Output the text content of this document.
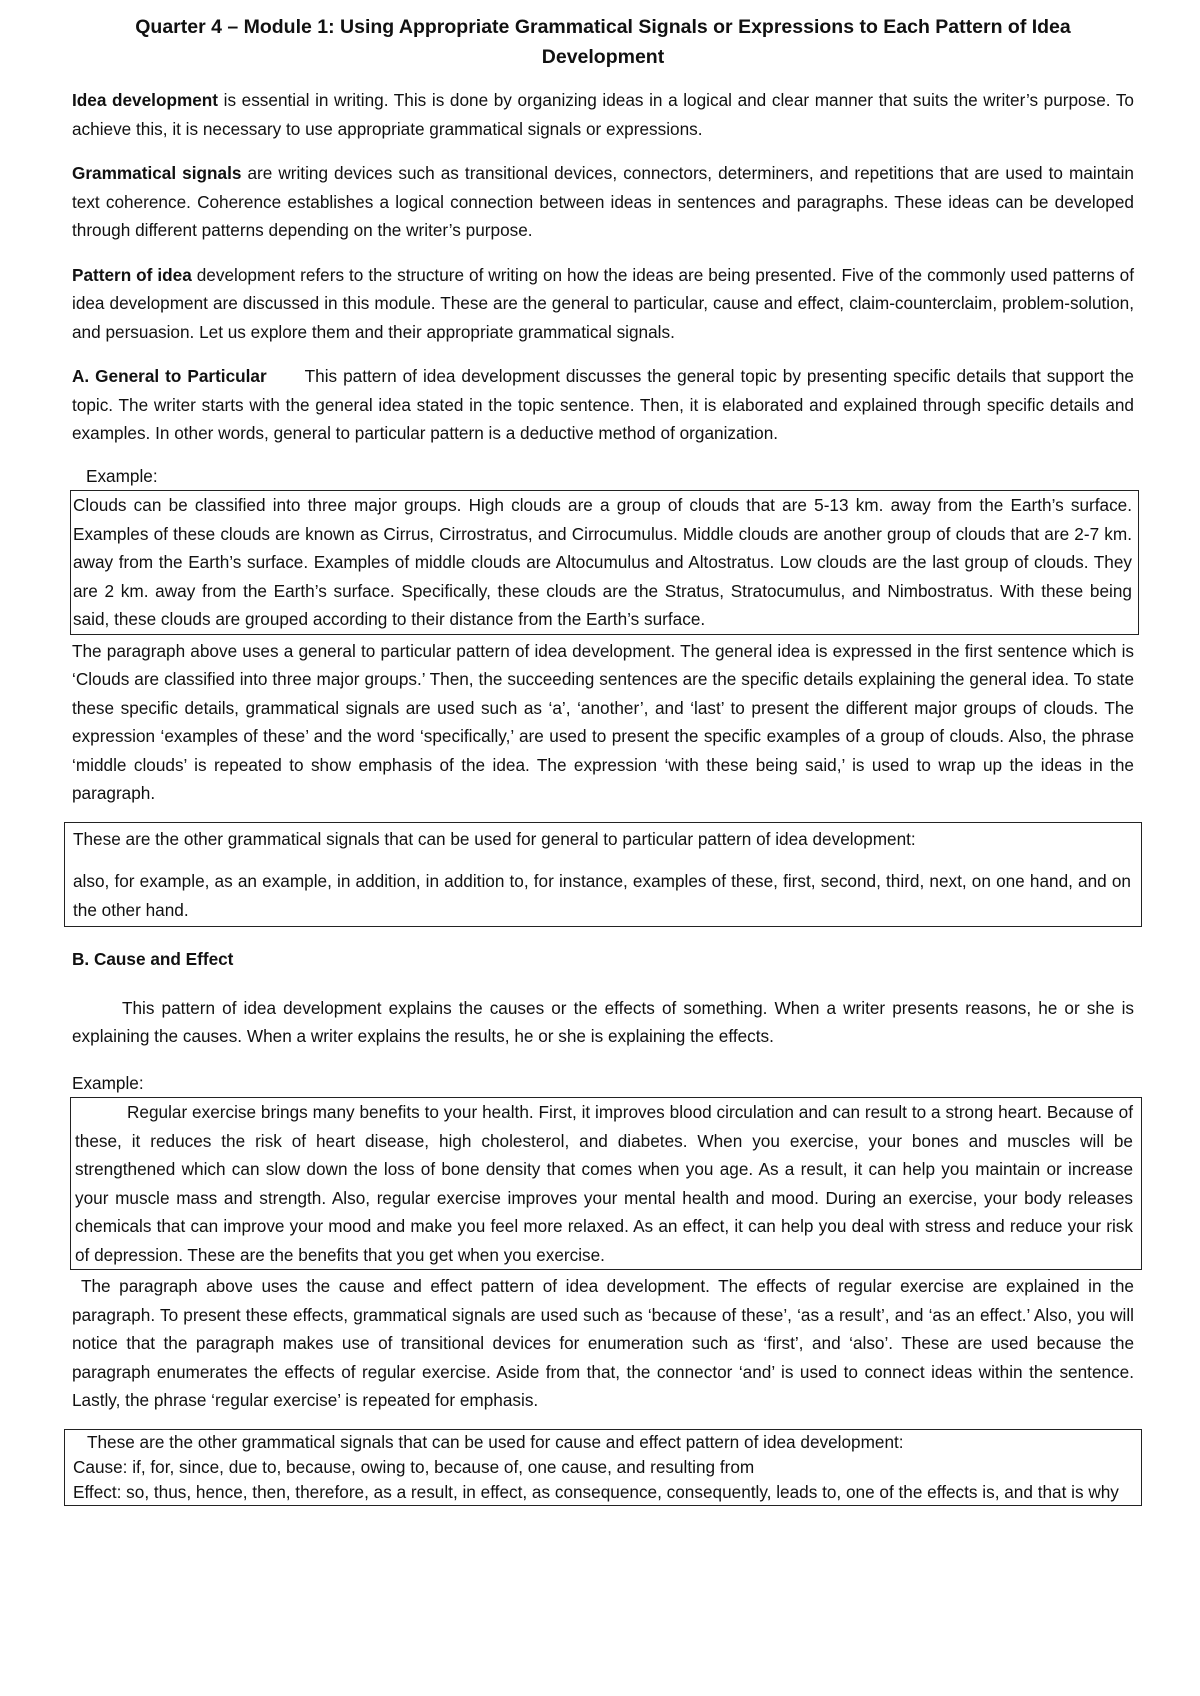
Quarter 4 – Module 1: Using Appropriate Grammatical Signals or Expressions to Each Pattern of Idea Development

Idea development is essential in writing. This is done by organizing ideas in a logical and clear manner that suits the writer’s purpose. To achieve this, it is necessary to use appropriate grammatical signals or expressions.

Grammatical signals are writing devices such as transitional devices, connectors, determiners, and repetitions that are used to maintain text coherence. Coherence establishes a logical connection between ideas in sentences and paragraphs. These ideas can be developed through different patterns depending on the writer’s purpose.

Pattern of idea development refers to the structure of writing on how the ideas are being presented. Five of the commonly used patterns of idea development are discussed in this module. These are the general to particular, cause and effect, claim-counterclaim, problem-solution, and persuasion. Let us explore them and their appropriate grammatical signals.

A. General to Particular This pattern of idea development discusses the general topic by presenting specific details that support the topic. The writer starts with the general idea stated in the topic sentence. Then, it is elaborated and explained through specific details and examples. In other words, general to particular pattern is a deductive method of organization.

Example:

Clouds can be classified into three major groups. High clouds are a group of clouds that are 5-13 km. away from the Earth’s surface. Examples of these clouds are known as Cirrus, Cirrostratus, and Cirrocumulus. Middle clouds are another group of clouds that are 2-7 km. away from the Earth’s surface. Examples of middle clouds are Altocumulus and Altostratus. Low clouds are the last group of clouds. They are 2 km. away from the Earth’s surface. Specifically, these clouds are the Stratus, Stratocumulus, and Nimbostratus. With these being said, these clouds are grouped according to their distance from the Earth’s surface.

The paragraph above uses a general to particular pattern of idea development. The general idea is expressed in the first sentence which is ‘Clouds are classified into three major groups.’ Then, the succeeding sentences are the specific details explaining the general idea. To state these specific details, grammatical signals are used such as ‘a’, ‘another’, and ‘last’ to present the different major groups of clouds. The expression ‘examples of these’ and the word ‘specifically,’ are used to present the specific examples of a group of clouds. Also, the phrase ‘middle clouds’ is repeated to show emphasis of the idea. The expression ‘with these being said,’ is used to wrap up the ideas in the paragraph.

These are the other grammatical signals that can be used for general to particular pattern of idea development:

also, for example, as an example, in addition, in addition to, for instance, examples of these, first, second, third, next, on one hand, and on the other hand.

B. Cause and Effect

This pattern of idea development explains the causes or the effects of something. When a writer presents reasons, he or she is explaining the causes. When a writer explains the results, he or she is explaining the effects.

Example:

Regular exercise brings many benefits to your health. First, it improves blood circulation and can result to a strong heart. Because of these, it reduces the risk of heart disease, high cholesterol, and diabetes. When you exercise, your bones and muscles will be strengthened which can slow down the loss of bone density that comes when you age. As a result, it can help you maintain or increase your muscle mass and strength. Also, regular exercise improves your mental health and mood. During an exercise, your body releases chemicals that can improve your mood and make you feel more relaxed. As an effect, it can help you deal with stress and reduce your risk of depression. These are the benefits that you get when you exercise.

The paragraph above uses the cause and effect pattern of idea development. The effects of regular exercise are explained in the paragraph. To present these effects, grammatical signals are used such as ‘because of these’, ‘as a result’, and ‘as an effect.’ Also, you will notice that the paragraph makes use of transitional devices for enumeration such as ‘first’, and ‘also’. These are used because the paragraph enumerates the effects of regular exercise. Aside from that, the connector ‘and’ is used to connect ideas within the sentence. Lastly, the phrase ‘regular exercise’ is repeated for emphasis.

These are the other grammatical signals that can be used for cause and effect pattern of idea development:
Cause: if, for, since, due to, because, owing to, because of, one cause, and resulting from
Effect: so, thus, hence, then, therefore, as a result, in effect, as consequence, consequently, leads to, one of the effects is, and that is why
